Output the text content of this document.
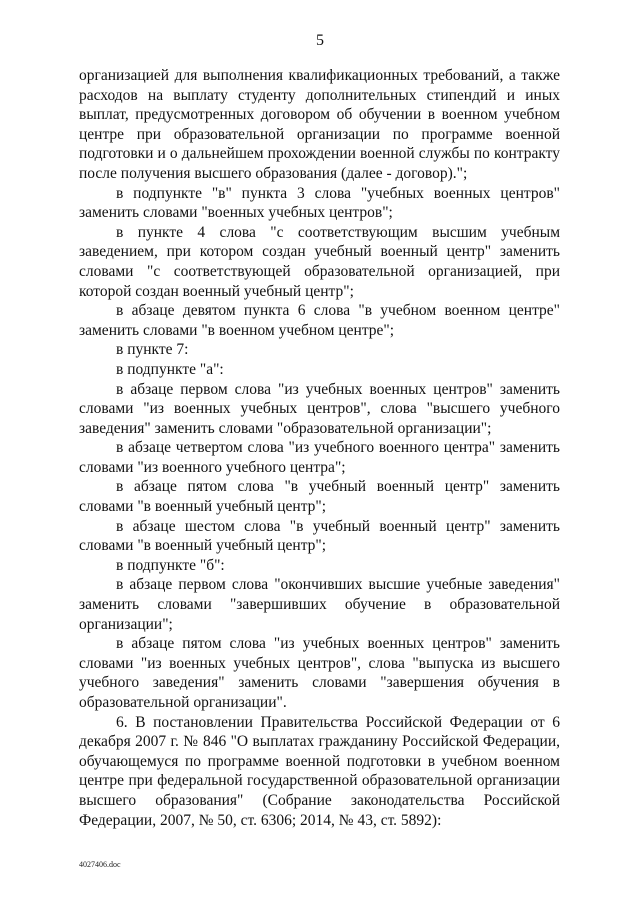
5

организацией для выполнения квалификационных требований, а также расходов на выплату студенту дополнительных стипендий и иных выплат, предусмотренных договором об обучении в военном учебном центре при образовательной организации по программе военной подготовки и о дальнейшем прохождении военной службы по контракту после получения высшего образования (далее - договор).";

в подпункте "в" пункта 3 слова "учебных военных центров" заменить словами "военных учебных центров";

в пункте 4 слова "с соответствующим высшим учебным заведением, при котором создан учебный военный центр" заменить словами "с соответствующей образовательной организацией, при которой создан военный учебный центр";

в абзаце девятом пункта 6 слова "в учебном военном центре" заменить словами "в военном учебном центре";

в пункте 7:

в подпункте "а":

в абзаце первом слова "из учебных военных центров" заменить словами "из военных учебных центров", слова "высшего учебного заведения" заменить словами "образовательной организации";

в абзаце четвертом слова "из учебного военного центра" заменить словами "из военного учебного центра";

в абзаце пятом слова "в учебный военный центр" заменить словами "в военный учебный центр";

в абзаце шестом слова "в учебный военный центр" заменить словами "в военный учебный центр";

в подпункте "б":

в абзаце первом слова "окончивших высшие учебные заведения" заменить словами "завершивших обучение в образовательной организации";

в абзаце пятом слова "из учебных военных центров" заменить словами "из военных учебных центров", слова "выпуска из высшего учебного заведения" заменить словами "завершения обучения в образовательной организации".

6. В постановлении Правительства Российской Федерации от 6 декабря 2007 г. № 846 "О выплатах гражданину Российской Федерации, обучающемуся по программе военной подготовки в учебном военном центре при федеральной государственной образовательной организации высшего образования" (Собрание законодательства Российской Федерации, 2007, № 50, ст. 6306; 2014, № 43, ст. 5892):

4027406.doc
